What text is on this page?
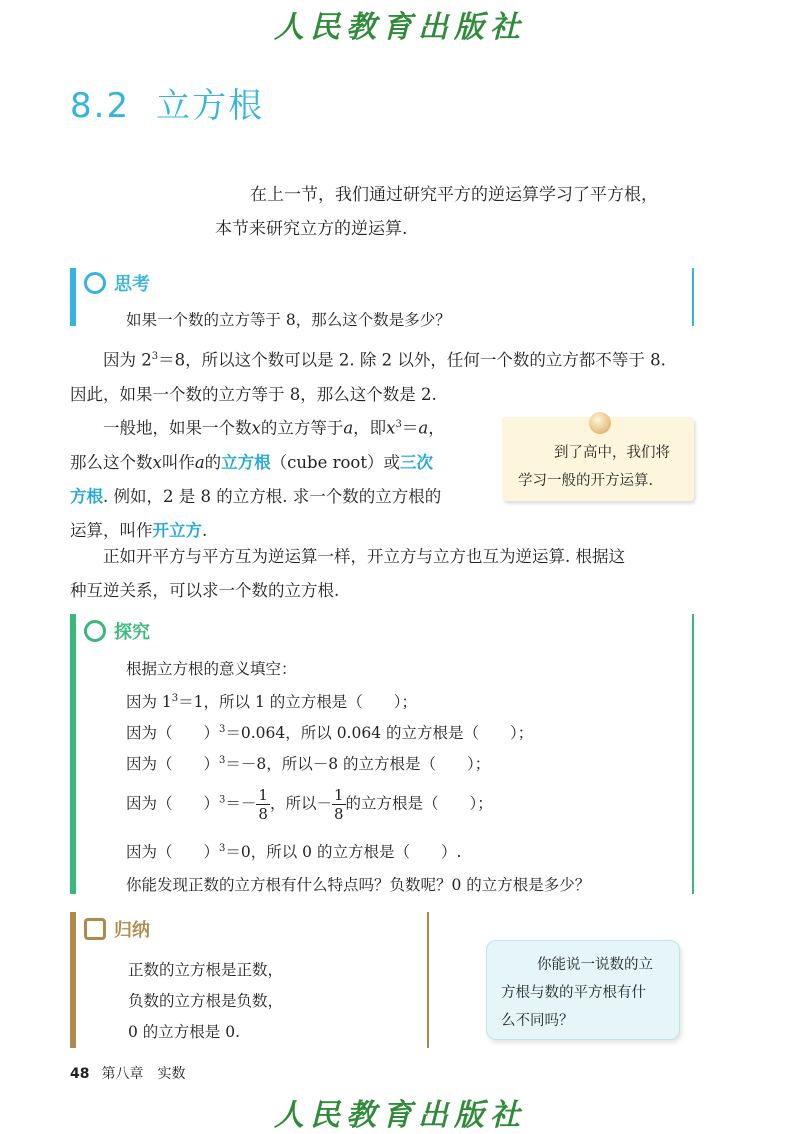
人民教育出版社
8.2 立方根
在上一节，我们通过研究平方的逆运算学习了平方根，
本节来研究立方的逆运算.
思考
如果一个数的立方等于 8，那么这个数是多少？

因为 $2^3=8$，所以这个数可以是 2. 除 2 以外，任何一个数的立方都不等于 8.

因此，如果一个数的立方等于 8，那么这个数是 2.

一般地，如果一个数x的立方等于a，即$x^3=a$，

那么这个数x叫作a的立方根（cube root）或三次

方根. 例如，2 是 8 的立方根. 求一个数的立方根的

运算，叫作开立方.

到了高中，我们将
学习一般的开方运算.

正如开平方与平方互为逆运算一样，开立方与立方也互为逆运算. 根据这

种互逆关系，可以求一个数的立方根.

探究
根据立方根的意义填空：
因为 $1^3=1$，所以 1 的立方根是（　　）；
因为（　　）$^3$＝0.064，所以 0.064 的立方根是（　　）；
因为（　　）$^3$＝－8，所以－8 的立方根是（　　）；
因为（　　）$^3=- \frac{1}{8}$ ，所以－ $\frac{1}{8}$ 的立方根是（　　）；
因为（　　）$^3$＝0，所以 0 的立方根是（　　）.
你能发现正数的立方根有什么特点吗？负数呢？0 的立方根是多少？
归纳
正数的立方根是正数，
负数的立方根是负数，
0 的立方根是 0.
你能说一说数的立
方根与数的平方根有什
么不同吗？
48 第八章　实数
人民教育出版社
